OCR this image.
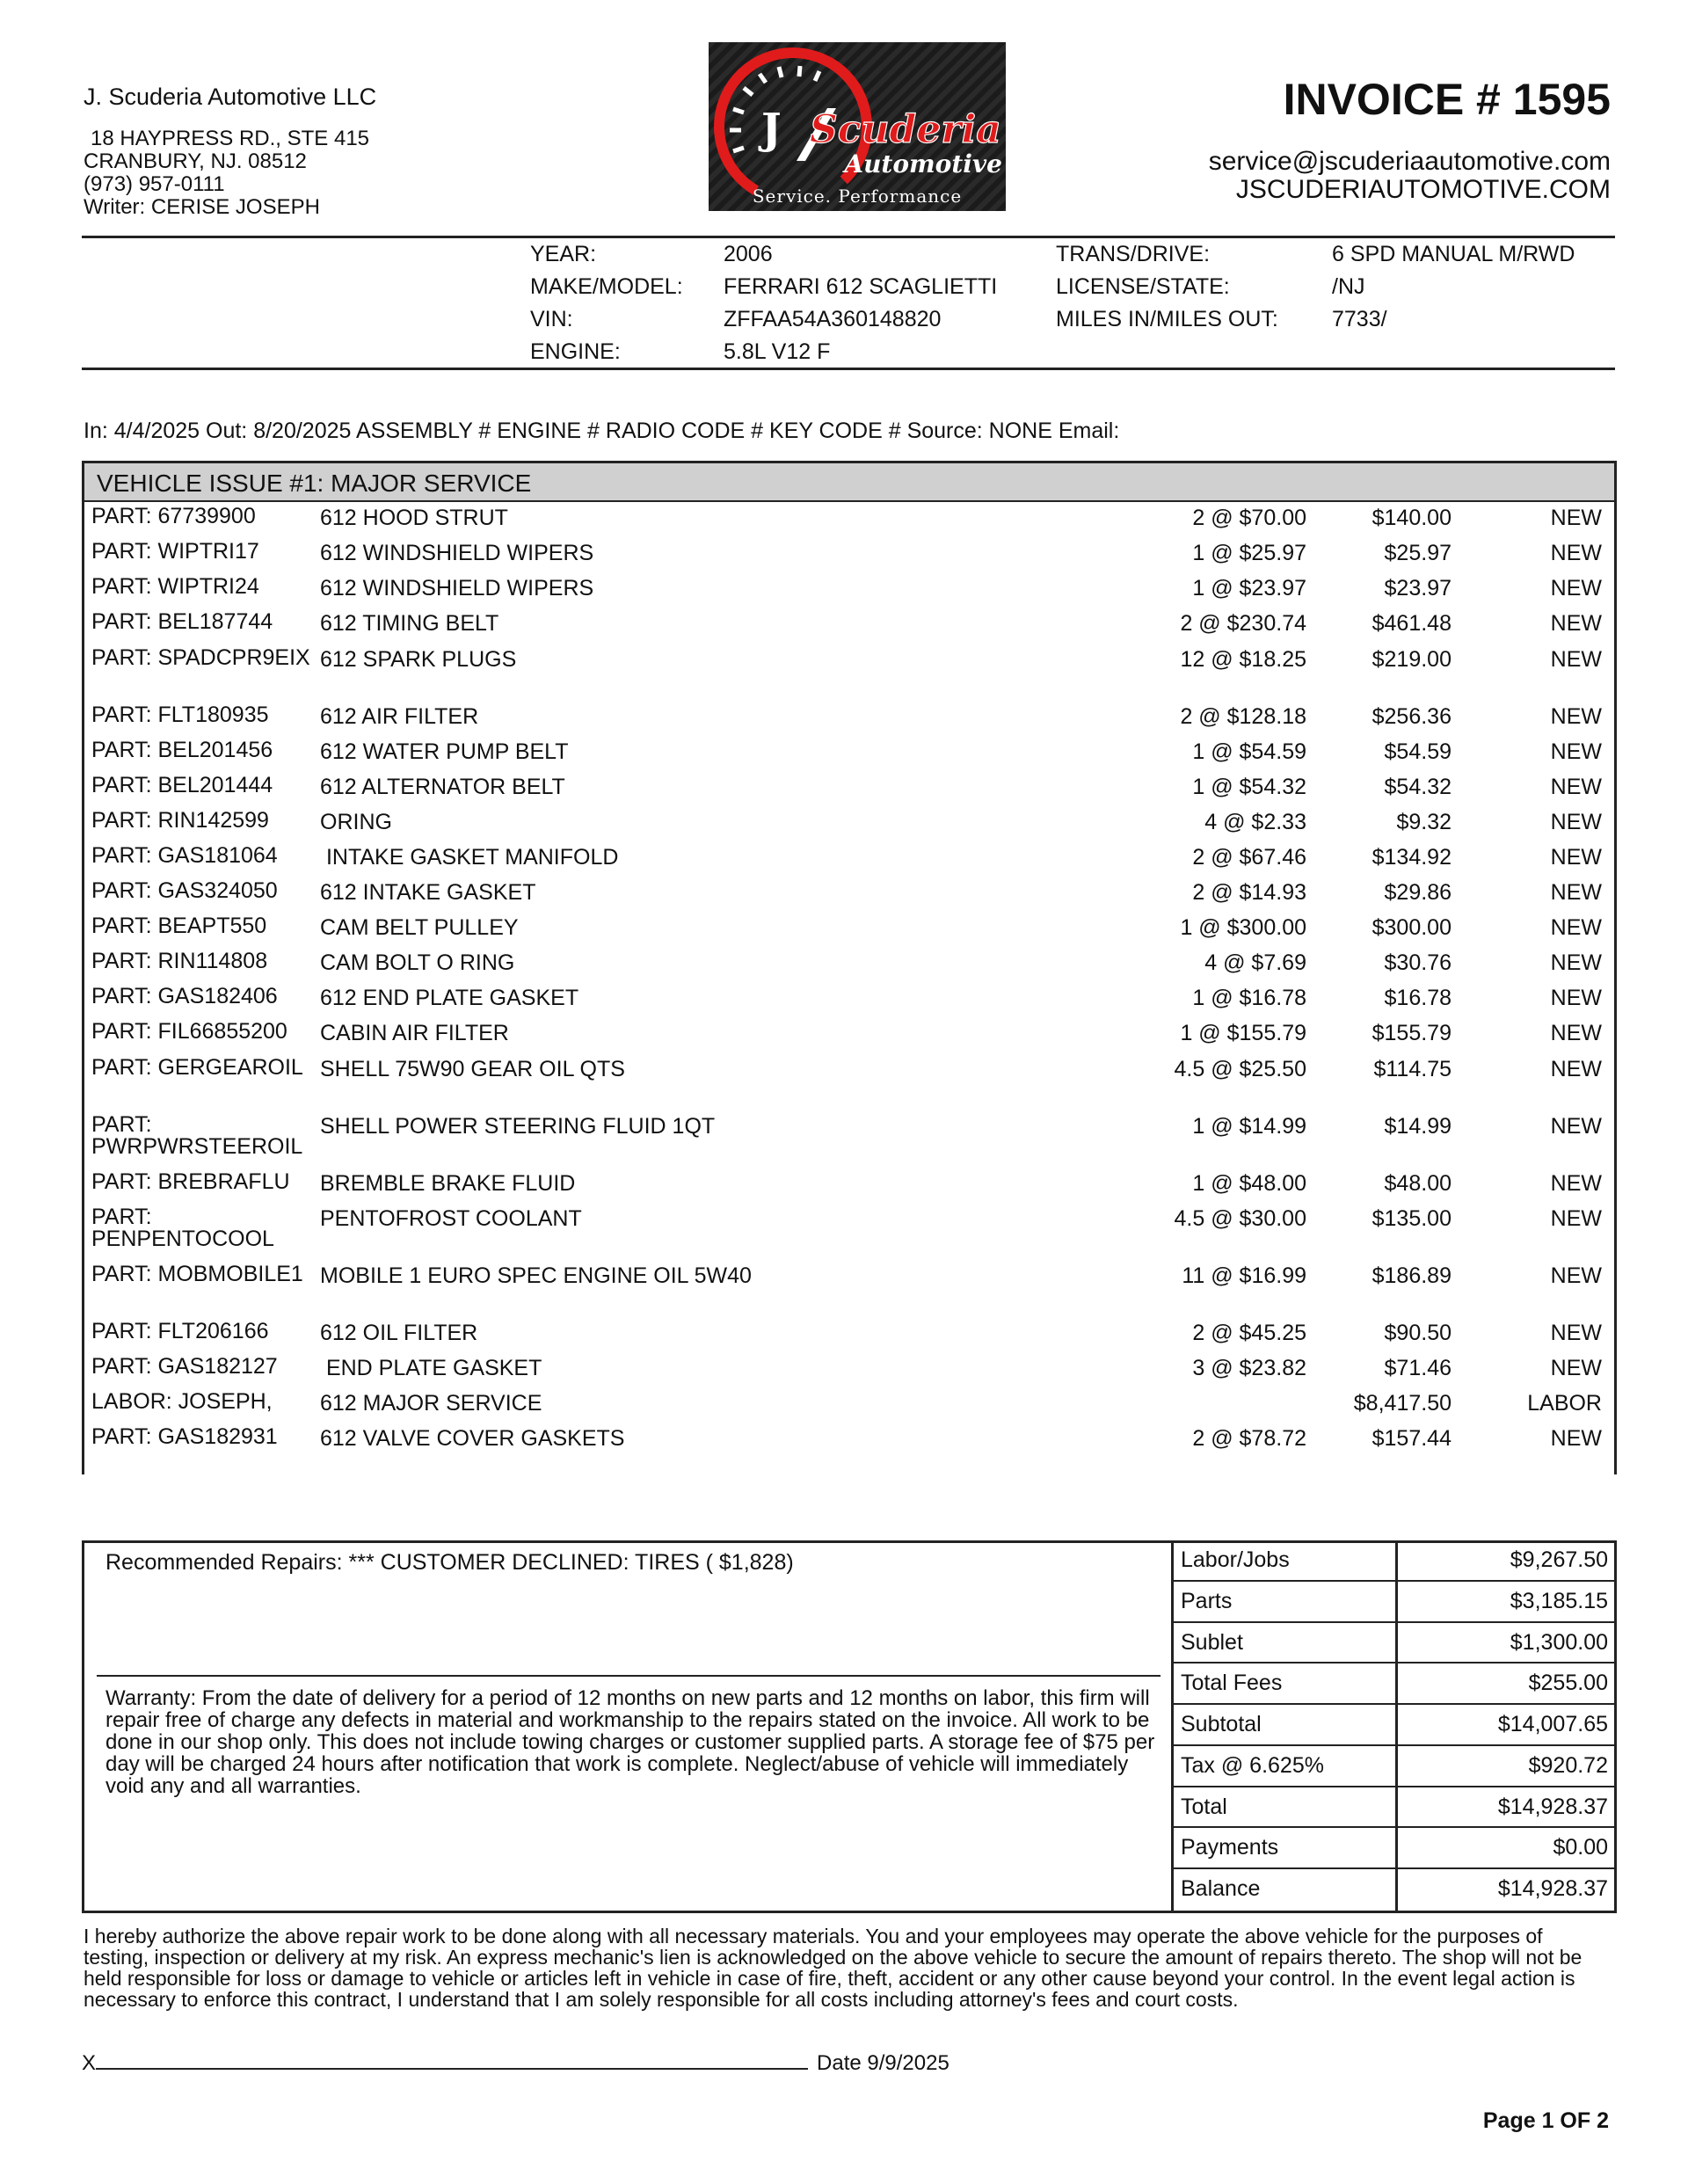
J. Scuderia Automotive LLC
18 HAYPRESS RD., STE 415
CRANBURY, NJ. 08512
(973) 957-0111
Writer: CERISE JOSEPH
J Scuderia
Automotive
Service. Performance
INVOICE # 1595
service@jscuderiaautomotive.com
JSCUDERIAUTOMOTIVE.COM
YEAR:	2006
MAKE/MODEL: FERRARI 612 SCAGLIETTI
VIN:	ZFFAA54A360148820
ENGINE:	5.8L V12 F
TRANS/DRIVE:	6 SPD MANUAL M/RWD
LICENSE/STATE:	/NJ
MILES IN/MILES OUT: 7733/
In: 4/4/2025 Out: 8/20/2025 ASSEMBLY # ENGINE # RADIO CODE # KEY CODE # Source: NONE Email:
VEHICLE ISSUE #1: MAJOR SERVICE
PART: 67739900	612 HOOD STRUT	2 @ $70.00	$140.00	NEW
PART: WIPTRI17	612 WINDSHIELD WIPERS	1 @ $25.97	$25.97	NEW
PART: WIPTRI24	612 WINDSHIELD WIPERS	1 @ $23.97	$23.97	NEW
PART: BEL187744	612 TIMING BELT	2 @ $230.74	$461.48	NEW
PART: SPADCPR9EIX 612 SPARK PLUGS	12 @ $18.25	$219.00	NEW
PART: FLT180935	612 AIR FILTER	2 @ $128.18	$256.36	NEW
PART: BEL201456	612 WATER PUMP BELT	1 @ $54.59	$54.59	NEW
PART: BEL201444	612 ALTERNATOR BELT	1 @ $54.32	$54.32	NEW
PART: RIN142599	ORING	4 @ $2.33	$9.32	NEW
PART: GAS181064	INTAKE GASKET MANIFOLD	2 @ $67.46	$134.92	NEW
PART: GAS324050	612 INTAKE GASKET	2 @ $14.93	$29.86	NEW
PART: BEAPT550	CAM BELT PULLEY	1 @ $300.00	$300.00	NEW
PART: RIN114808	CAM BOLT O RING	4 @ $7.69	$30.76	NEW
PART: GAS182406	612 END PLATE GASKET	1 @ $16.78	$16.78	NEW
PART: FIL66855200	CABIN AIR FILTER	1 @ $155.79	$155.79	NEW
PART: GERGEAROIL SHELL 75W90 GEAR OIL QTS	4.5 @ $25.50	$114.75	NEW
PART: PWRPWRSTEEROIL
SHELL POWER STEERING FLUID 1QT	1 @ $14.99	$14.99	NEW
PART: BREBRAFLU	BREMBLE BRAKE FLUID	1 @ $48.00	$48.00	NEW
PART: PENPENTOCOOL
PENTOFROST COOLANT	4.5 @ $30.00	$135.00	NEW
PART: MOBMOBILE1 MOBILE 1 EURO SPEC ENGINE OIL 5W40	11 @ $16.99	$186.89	NEW
PART: FLT206166	612 OIL FILTER	2 @ $45.25	$90.50	NEW
PART: GAS182127	END PLATE GASKET	3 @ $23.82	$71.46	NEW
LABOR: JOSEPH,	612 MAJOR SERVICE	$8,417.50	LABOR
PART: GAS182931	612 VALVE COVER GASKETS	2 @ $78.72	$157.44	NEW
Recommended Repairs: *** CUSTOMER DECLINED: TIRES ( $1,828)
Warranty: From the date of delivery for a period of 12 months on new parts and 12 months on labor, this firm will repair free of charge any defects in material and workmanship to the repairs stated on the invoice. All work to be done in our shop only. This does not include towing charges or customer supplied parts. A storage fee of $75 per day will be charged 24 hours after notification that work is complete. Neglect/abuse of vehicle will immediately void any and all warranties.
Labor/Jobs	$9,267.50
Parts	$3,185.15
Sublet	$1,300.00
Total Fees	$255.00
Subtotal	$14,007.65
Tax @ 6.625%	$920.72
Total	$14,928.37
Payments	$0.00
Balance	$14,928.37
I hereby authorize the above repair work to be done along with all necessary materials. You and your employees may operate the above vehicle for the purposes of testing, inspection or delivery at my risk. An express mechanic's lien is acknowledged on the above vehicle to secure the amount of repairs thereto. The shop will not be held responsible for loss or damage to vehicle or articles left in vehicle in case of fire, theft, accident or any other cause beyond your control. In the event legal action is necessary to enforce this contract, I understand that I am solely responsible for all costs including attorney's fees and court costs.
X	Date 9/9/2025
Page 1 OF 2
